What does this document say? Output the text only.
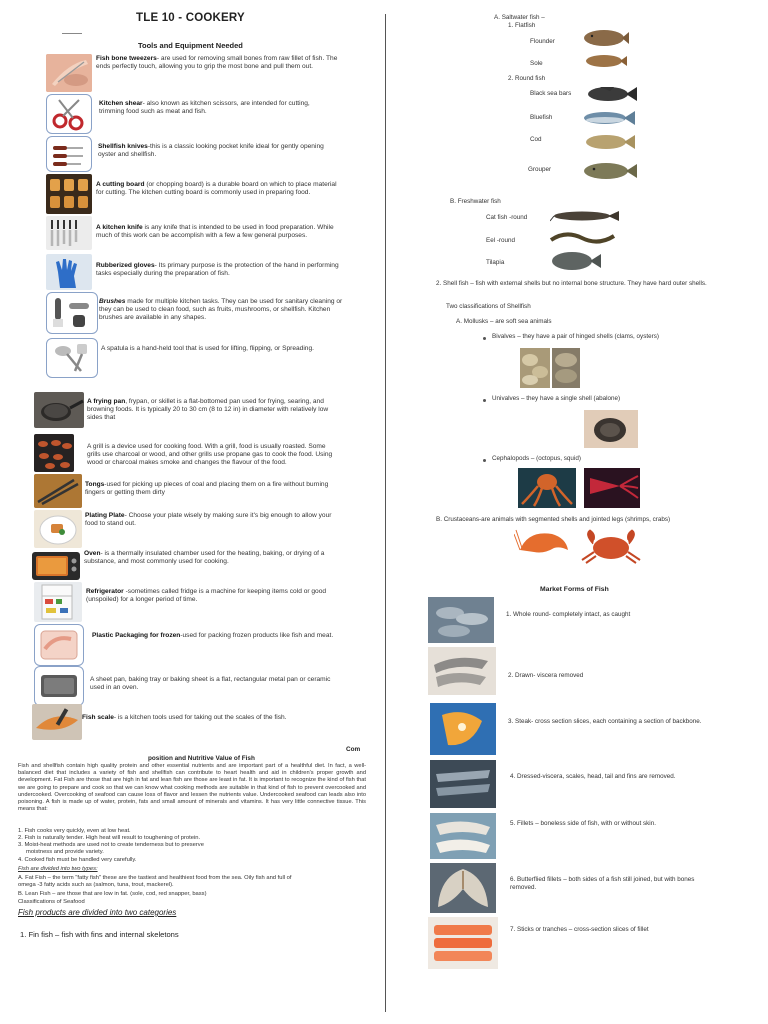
TLE 10 - COOKERY
Tools and Equipment Needed
Fish bone tweezers- are used for removing small bones from raw fillet of fish. The ends perfectly touch, allowing you to grip the most bone and pull them out.
Kitchen shear- also known as kitchen scissors, are intended for cutting, trimming food such as meat and fish.
Shellfish knives-this is a classic looking pocket knife ideal for gently opening oyster and shellfish.
A cutting board (or chopping board) is a durable board on which to place material for cutting. The kitchen cutting board is commonly used in preparing food.
A kitchen knife is any knife that is intended to be used in food preparation. While much of this work can be accomplish with a few a few general purposes.
Rubberized gloves- Its primary purpose is the protection of the hand in performing tasks especially during the preparation of fish.
Brushes made for multiple kitchen tasks. They can be used for sanitary cleaning or they can be used to clean food, such as fruits, mushrooms, or shellfish. Kitchen brushes are available in any shapes.
A spatula is a hand-held tool that is used for lifting, flipping, or Spreading.
A frying pan, frypan, or skillet is a flat-bottomed pan used for frying, searing, and browning foods. It is typically 20 to 30 cm (8 to 12 in) in diameter with relatively low sides that
A grill is a device used for cooking food. With a grill, food is usually roasted. Some grills use charcoal or wood, and other grills use propane gas to cook the food. Using wood or charcoal makes smoke and changes the flavour of the food.
Tongs-used for picking up pieces of coal and placing them on a fire without burning fingers or getting them dirty
Plating Plate- Choose your plate wisely by making sure it's big enough to allow your food to stand out.
Oven- is a thermally insulated chamber used for the heating, baking, or drying of a substance, and most commonly used for cooking.
Refrigerator -sometimes called fridge is a machine for keeping items cold or good (unspoiled) for a longer period of time.
Plastic Packaging for frozen-used for packing frozen products like fish and meat.
A sheet pan, baking tray or baking sheet is a flat, rectangular metal pan or ceramic used in an oven.
Fish scale- is a kitchen tools used for taking out the scales of the fish.
Com
position and Nutritive Value of Fish
Fish and shellfish contain high quality protein and other essential nutrients and are important part of a healthful diet. In fact, a well-balanced diet that includes a variety of fish and shellfish can contribute to heart health and aid in children's proper growth and development. Fat Fish are those that are high in fat and lean fish are those are least in fat. It is important to recognize the kind of fish that we are going to prepare and cook so that we can know what cooking methods are suitable in that kind of fish to prevent overcooked and undercooked. Overcooking of seafood can cause loss of flavor and lessen the nutrients value. Undercooked seafood can leads also into poisoning. A fish is made up of water, protein, fats and small amount of minerals and vitamins. It has very little connective tissue. This means that:
1. Fish cooks very quickly, even at low heat.
2. Fish is naturally tender. High heat will result to toughening of protein.
3. Moist-heat methods are used not to create tenderness but to preserve
moistness and provide variety.
4. Cooked fish must be handled very carefully.
Fish are divided into two types:
A. Fat Fish – the term "fatty fish" these are the tastiest and healthiest food from the sea. Oily fish and full of
omega -3 fatty acids such as (salmon, tuna, trout, mackerel).
B. Lean Fish – are those that are low in fat. (sole, cod, red snapper, bass)
Classifications of Seafood
Fish products are divided into two categories
1. Fin fish – fish with fins and internal skeletons
A. Saltwater fish –
1. Flatfish
Flounder
Sole
2. Round fish
Black sea bars
Bluefish
Cod
Grouper
B. Freshwater fish
Cat fish -round
Eel -round
Tilapia
2. Shell fish – fish with external shells but no internal bone structure. They have hard outer shells.
Two classifications of Shellfish
A. Mollusks – are soft sea animals
Bivalves – they have a pair of hinged shells (clams, oysters)
Univalves – they have a single shell (abalone)
Cephalopods – (octopus, squid)
B. Crustaceans-are animals with segmented shells and jointed legs (shrimps, crabs)
Market Forms of Fish
1. Whole round- completely intact, as caught
2. Drawn- viscera removed
3. Steak- cross section slices, each containing a section of backbone.
4. Dressed-viscera, scales, head, tail and fins are removed.
5. Fillets – boneless side of fish, with or without skin.
6. Butterflied fillets – both sides of a fish still joined, but with bones removed.
7. Sticks or tranches – cross-section slices of fillet
